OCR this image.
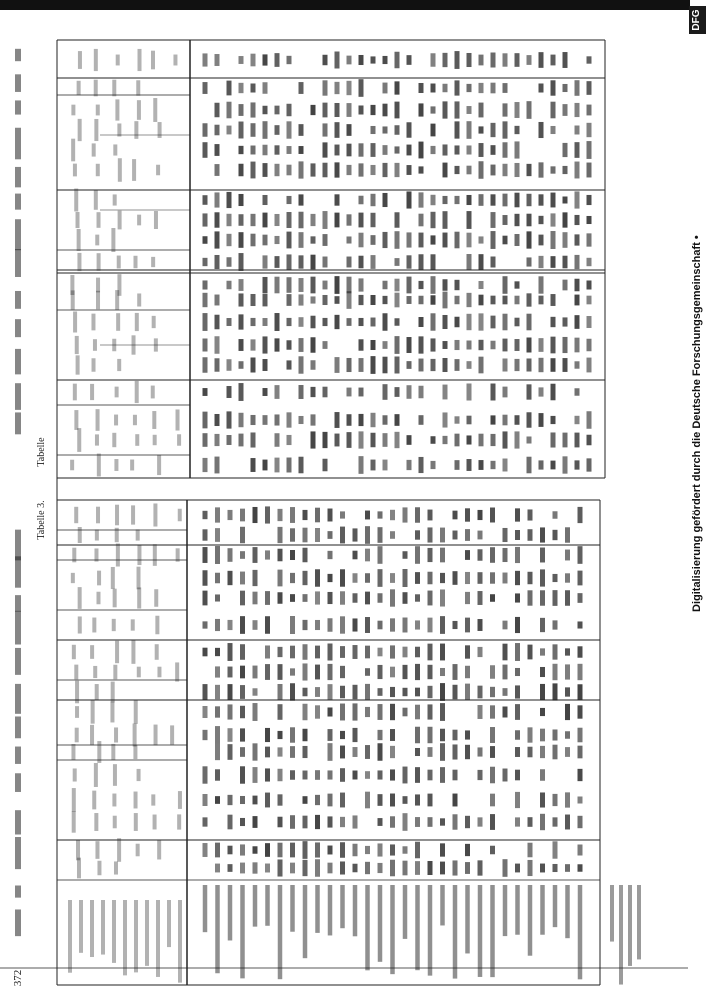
372
Tabelle 3.
Tabelle	Digitalisierung gefördert durch die Deutsche Forschungsgemeinschaft •
DFG
